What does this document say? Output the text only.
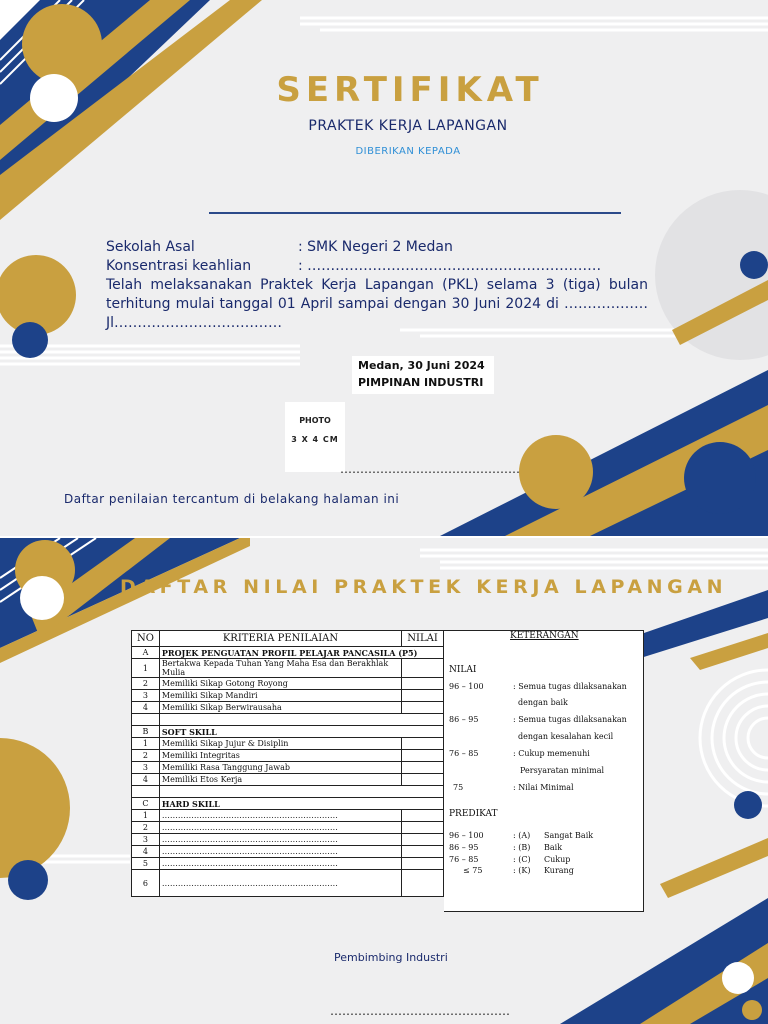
SERTIFIKAT
PRAKTEK KERJA LAPANGAN
DIBERIKAN KEPADA
Sekolah Asal	: SMK Negeri 2 Medan
Konsentrasi keahlian	: ………………………………………………………
Telah melaksanakan Praktek Kerja Lapangan (PKL) selama 3 (tiga) bulan
terhitung mulai tanggal 01 April sampai dengan 30 Juni 2024 di ………………
Jl………………………………
Medan, 30 Juni 2024
PIMPINAN INDUSTRI
PHOTO
3 X 4 CM
………………………………………
Daftar penilaian tercantum di belakang halaman ini
DAFTAR NILAI PRAKTEK KERJA LAPANGAN
NO	KRITERIA PENILAIAN	NILAI
A	PROJEK PENGUATAN PROFIL PELAJAR PANCASILA (P5)	
1	Bertakwa Kepada Tuhan Yang Maha Esa dan Berakhlak Mulia	
2	Memiliki Sikap Gotong Royong	
3	Memiliki Sikap Mandiri	
4	Memiliki Sikap Berwirausaha	

B	SOFT SKILL	
1	Memiliki Sikap Jujur & Disiplin	
2	Memiliki Integritas	
3	Memiliki Rasa Tanggung Jawab	
4	Memiliki Etos Kerja	

C	HARD SKILL	
1	…………………………………………………………	
2	…………………………………………………………	
3	…………………………………………………………	
4	…………………………………………………………	
5	…………………………………………………………	
6	…………………………………………………………	
KETERANGAN
NILAI
96 – 100	: Semua tugas dilaksanakan
dengan baik
86 – 95	: Semua tugas dilaksanakan
dengan kesalahan kecil
76 – 85	: Cukup memenuhi
Persyaratan minimal
75	: Nilai Minimal
PREDIKAT
96 – 100	: (A) Sangat Baik
86 – 95	: (B) Baik
76 – 85	: (C) Cukup
≤ 75	: (K) Kurang
Pembimbing Industri
………………………………………
